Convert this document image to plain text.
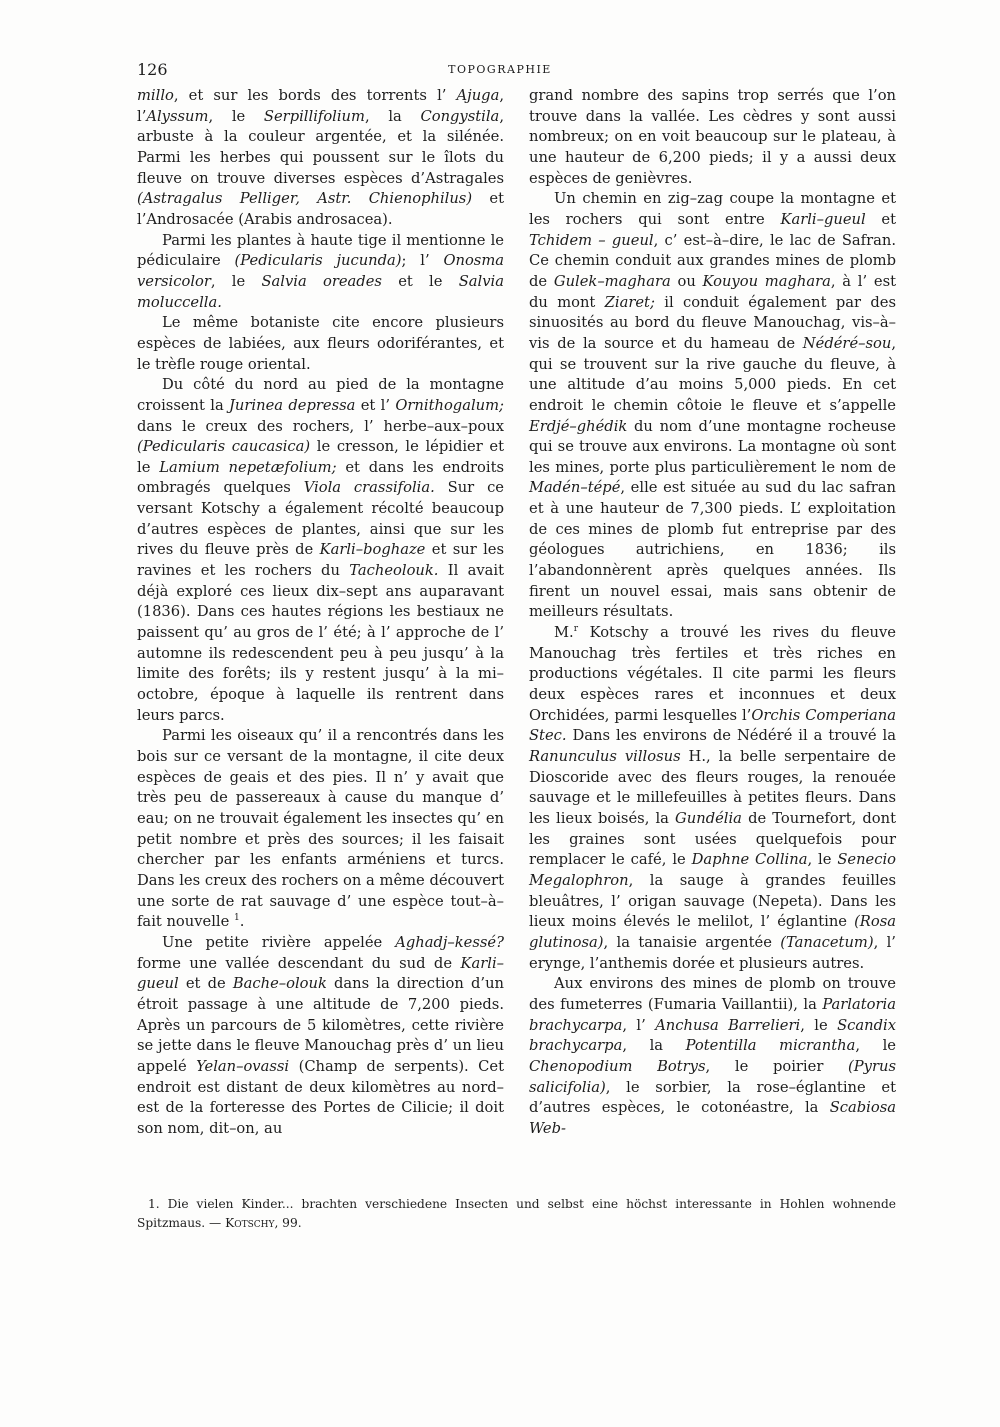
126	TOPOGRAPHIE

millo, et sur les bords des torrents l’ Ajuga, l’Alyssum, le Serpillifolium, la Congystila, arbuste à la couleur argentée, et la silénée. Parmi les herbes qui poussent sur le îlots du fleuve on trouve diverses espèces d’Astragales (Astragalus Pelliger, Astr. Chienophilus) et l’Androsacée (Arabis androsacea).

Parmi les plantes à haute tige il mentionne le pédiculaire (Pedicularis jucunda); l’ Onosma versicolor, le Salvia oreades et le Salvia moluccella.

Le même botaniste cite encore plusieurs espèces de labiées, aux fleurs odoriférantes, et le trèfle rouge oriental.

Du côté du nord au pied de la montagne croissent la Jurinea depressa et l’ Ornithogalum; dans le creux des rochers, l’ herbe–aux–poux (Pedicularis caucasica) le cresson, le lépidier et le Lamium nepetæfolium; et dans les endroits ombragés quelques Viola crassifolia. Sur ce versant Kotschy a également récolté beaucoup d’autres espèces de plantes, ainsi que sur les rives du fleuve près de Karli–boghaze et sur les ravines et les rochers du Tacheolouk. Il avait déjà exploré ces lieux dix–sept ans auparavant (1836). Dans ces hautes régions les bestiaux ne paissent qu’ au gros de l’ été; à l’ approche de l’ automne ils redescendent peu à peu jusqu’ à la limite des forêts; ils y restent jusqu’ à la mi–octobre, époque à laquelle ils rentrent dans leurs parcs.

Parmi les oiseaux qu’ il a rencontrés dans les bois sur ce versant de la montagne, il cite deux espèces de geais et des pies. Il n’ y avait que très peu de passereaux à cause du manque d’ eau; on ne trouvait également les insectes qu’ en petit nombre et près des sources; il les faisait chercher par les enfants arméniens et turcs. Dans les creux des rochers on a même découvert une sorte de rat sauvage d’ une espèce tout–à–fait nouvelle $^1$.

Une petite rivière appelée Aghadj–kessé? forme une vallée descendant du sud de Karli–gueul et de Bache–olouk dans la direction d’un étroit passage à une altitude de 7,200 pieds. Après un parcours de 5 kilomètres, cette rivière se jette dans le fleuve Manouchag près d’ un lieu appelé Yelan–ovassi (Champ de serpents). Cet endroit est distant de deux kilomètres au nord–est de la forteresse des Portes de Cilicie; il doit son nom, dit–on, au

grand nombre des sapins trop serrés que l’on trouve dans la vallée. Les cèdres y sont aussi nombreux; on en voit beaucoup sur le plateau, à une hauteur de 6,200 pieds; il y a aussi deux espèces de genièvres.

Un chemin en zig–zag coupe la montagne et les rochers qui sont entre Karli–gueul et Tchidem – gueul, c’ est–à–dire, le lac de Safran. Ce chemin conduit aux grandes mines de plomb de Gulek–maghara ou Kouyou maghara, à l’ est du mont Ziaret; il conduit également par des sinuosités au bord du fleuve Manouchag, vis–à–vis de la source et du hameau de Nédéré–sou, qui se trouvent sur la rive gauche du fleuve, à une altitude d’au moins 5,000 pieds. En cet endroit le chemin côtoie le fleuve et s’appelle Erdjé–ghédik du nom d’une montagne rocheuse qui se trouve aux environs. La montagne où sont les mines, porte plus particulièrement le nom de Madén–tépé, elle est située au sud du lac safran et à une hauteur de 7,300 pieds. L’ exploitation de ces mines de plomb fut entreprise par des géologues autrichiens, en 1836; ils l’abandonnèrent après quelques années. Ils firent un nouvel essai, mais sans obtenir de meilleurs résultats.

M.$^r$ Kotschy a trouvé les rives du fleuve Manouchag très fertiles et très riches en productions végétales. Il cite parmi les fleurs deux espèces rares et inconnues et deux Orchidées, parmi lesquelles l’Orchis Comperiana Stec. Dans les environs de Nédéré il a trouvé la Ranunculus villosus H., la belle serpentaire de Dioscoride avec des fleurs rouges, la renouée sauvage et le millefeuilles à petites fleurs. Dans les lieux boisés, la Gundélia de Tournefort, dont les graines sont usées quelquefois pour remplacer le café, le Daphne Collina, le Senecio Megalophron, la sauge à grandes feuilles bleuâtres, l’ origan sauvage (Nepeta). Dans les lieux moins élevés le melilot, l’ églantine (Rosa glutinosa), la tanaisie argentée (Tanacetum), l’ erynge, l’anthemis dorée et plusieurs autres.

Aux environs des mines de plomb on trouve des fumeterres (Fumaria Vaillantii), la Parlatoria brachycarpa, l’ Anchusa Barrelieri, le Scandix brachycarpa, la Potentilla micrantha, le Chenopodium Botrys, le poirier (Pyrus salicifolia), le sorbier, la rose–églantine et d’autres espèces, le cotonéastre, la Scabiosa Web-

1. Die vielen Kinder... brachten verschiedene Insecten und selbst eine höchst interessante in Hohlen wohnende Spitzmaus. — Kotschy, 99.
